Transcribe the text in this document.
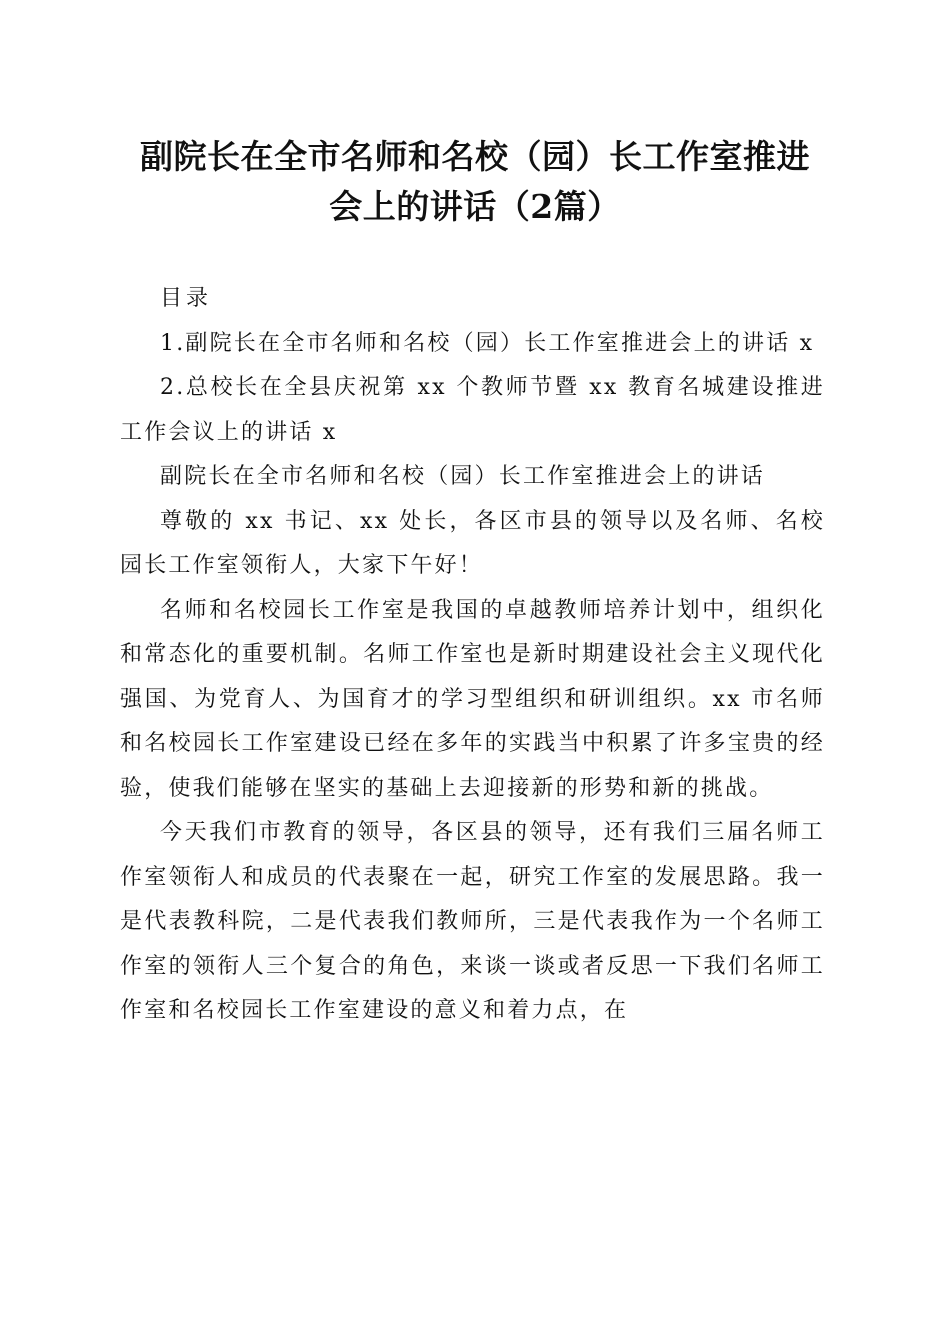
副院长在全市名师和名校（园）长工作室推进
会上的讲话（2篇）

目录

1.副院长在全市名师和名校（园）长工作室推进会上的讲话 x

2.总校长在全县庆祝第 xx 个教师节暨 xx 教育名城建设推进工作会议上的讲话 x

副院长在全市名师和名校（园）长工作室推进会上的讲话

尊敬的 xx 书记、xx 处长，各区市县的领导以及名师、名校园长工作室领衔人，大家下午好！

名师和名校园长工作室是我国的卓越教师培养计划中，组织化和常态化的重要机制。名师工作室也是新时期建设社会主义现代化强国、为党育人、为国育才的学习型组织和研训组织。xx 市名师和名校园长工作室建设已经在多年的实践当中积累了许多宝贵的经验，使我们能够在坚实的基础上去迎接新的形势和新的挑战。

今天我们市教育的领导，各区县的领导，还有我们三届名师工作室领衔人和成员的代表聚在一起，研究工作室的发展思路。我一是代表教科院，二是代表我们教师所，三是代表我作为一个名师工作室的领衔人三个复合的角色，来谈一谈或者反思一下我们名师工作室和名校园长工作室建设的意义和着力点，在
